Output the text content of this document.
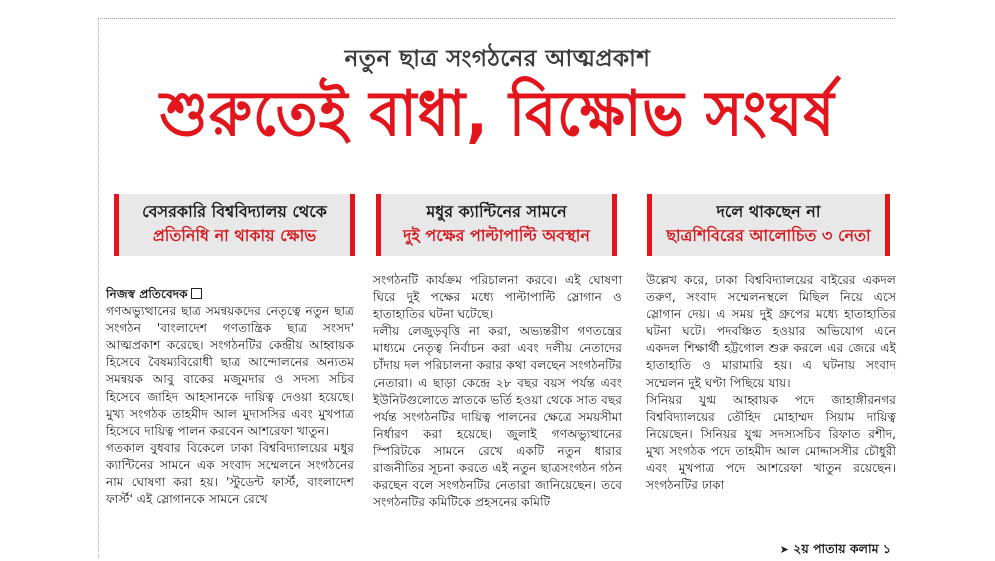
নতুন ছাত্র সংগঠনের আত্মপ্রকাশ
শুরুতেই বাধা, বিক্ষোভ সংঘর্ষ
বেসরকারি বিশ্ববিদ্যালয় থেকে
প্রতিনিধি না থাকায় ক্ষোভ
মধুর ক্যান্টিনের সামনে
দুই পক্ষের পাল্টাপাল্টি অবস্থান
দলে থাকছেন না
ছাত্রশিবিরের আলোচিত ৩ নেতা

নিজস্ব প্রতিবেদক

গণঅভ্যুত্থানের ছাত্র সমন্বয়কদের নেতৃত্বে নতুন ছাত্র সংগঠন 'বাংলাদেশ গণতান্ত্রিক ছাত্র সংসদ' আত্মপ্রকাশ করেছে। সংগঠনটির কেন্দ্রীয় আহ্বায়ক হিসেবে বৈষম্যবিরোধী ছাত্র আন্দোলনের অন্যতম সমন্বয়ক আবু বাকের মজুমদার ও সদস্য সচিব হিসেবে জাহিদ আহসানকে দায়িত্ব দেওয়া হয়েছে। মুখ্য সংগঠক তাহমীদ আল মুদাসসির এবং মুখপাত্র হিসেবে দায়িত্ব পালন করবেন আশরেফা খাতুন।

গতকাল বুধবার বিকেলে ঢাকা বিশ্ববিদ্যালয়ের মধুর ক্যান্টিনের সামনে এক সংবাদ সম্মেলনে সংগঠনের নাম ঘোষণা করা হয়। 'স্টুডেন্ট ফার্স্ট, বাংলাদেশ ফার্স্ট' এই স্লোগানকে সামনে রেখে

সংগঠনটি কার্যক্রম পরিচালনা করবে। এই ঘোষণা ঘিরে দুই পক্ষের মধ্যে পাল্টাপাল্টি স্লোগান ও হাতাহাতির ঘটনা ঘটেছে।

দলীয় লেজুড়বৃত্তি না করা, অভ্যন্তরীণ গণতন্ত্রের মাধ্যমে নেতৃত্ব নির্বাচন করা এবং দলীয় নেতাদের চাঁদায় দল পরিচালনা করার কথা বলছেন সংগঠনটির নেতারা। এ ছাড়া কেন্দ্রে ২৮ বছর বয়স পর্যন্ত এবং ইউনিটগুলোতে স্নাতকে ভর্তি হওয়া থেকে সাত বছর পর্যন্ত সংগঠনটির দায়িত্ব পালনের ক্ষেত্রে সময়সীমা নির্ধারণ করা হয়েছে। জুলাই গণঅভ্যুত্থানের স্পিরিটকে সামনে রেখে একটি নতুন ধারার রাজনীতির সূচনা করতে এই নতুন ছাত্রসংগঠন গঠন করছেন বলে সংগঠনটির নেতারা জানিয়েছেন। তবে সংগঠনটির কমিটিকে প্রহসনের কমিটি

উল্লেখ করে, ঢাকা বিশ্ববিদ্যালয়ের বাইরের একদল তরুণ, সংবাদ সম্মেলনস্থলে মিছিল নিয়ে এসে স্লোগান দেয়। এ সময় দুই গ্রুপের মধ্যে হাতাহাতির ঘটনা ঘটে। পদবঞ্চিত হওয়ার অভিযোগ এনে একদল শিক্ষার্থী হট্টগোল শুরু করলে এর জেরে এই হাতাহাতি ও মারামারি হয়। এ ঘটনায় সংবাদ সম্মেলন দুই ঘণ্টা পিছিয়ে যায়।

সিনিয়র যুগ্ম আহ্বায়ক পদে জাহাঙ্গীরনগর বিশ্ববিদ্যালয়ের তৌহিদ মোহাম্মদ সিয়াম দায়িত্ব নিয়েছেন। সিনিয়র যুগ্ম সদস্যসচিব রিফাত রশীদ, মুখ্য সংগঠক পদে তাহমীদ আল মোদ্দাসসীর চৌধুরী এবং মুখপাত্র পদে আশরেফা খাতুন রয়েছেন। সংগঠনটির ঢাকা

➤ ২য় পাতায় কলাম ১
